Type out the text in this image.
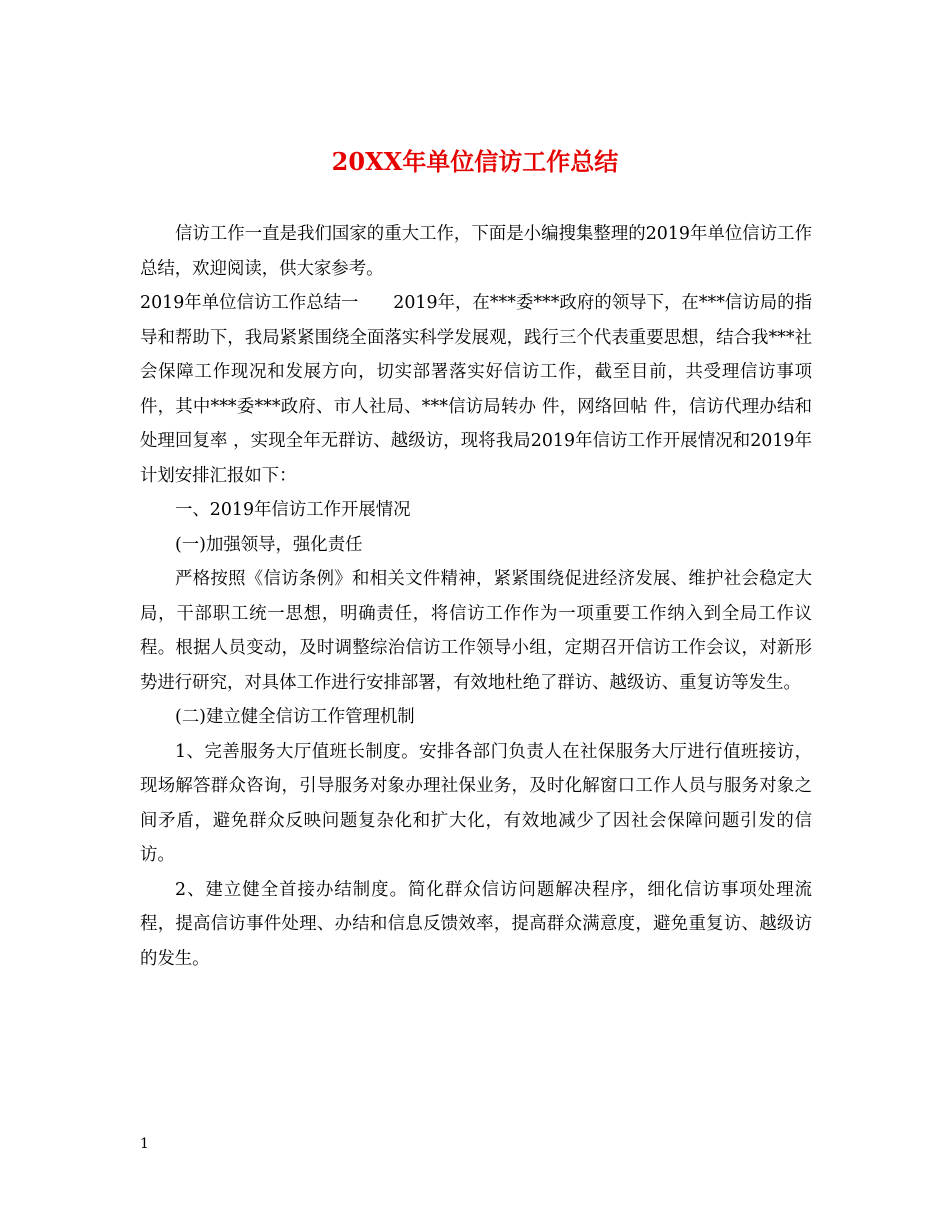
20XX年单位信访工作总结

信访工作一直是我们国家的重大工作，下面是小编搜集整理的2019年单位信访工作总结，欢迎阅读，供大家参考。

2019年单位信访工作总结一　　2019年，在***委***政府的领导下，在***信访局的指导和帮助下，我局紧紧围绕全面落实科学发展观，践行三个代表重要思想，结合我***社会保障工作现况和发展方向，切实部署落实好信访工作，截至目前，共受理信访事项 件，其中***委***政府、市人社局、***信访局转办 件，网络回帖 件，信访代理办结和处理回复率 ，实现全年无群访、越级访，现将我局2019年信访工作开展情况和2019年计划安排汇报如下：

一、2019年信访工作开展情况

(一)加强领导，强化责任

严格按照《信访条例》和相关文件精神，紧紧围绕促进经济发展、维护社会稳定大局，干部职工统一思想，明确责任，将信访工作作为一项重要工作纳入到全局工作议程。根据人员变动，及时调整综治信访工作领导小组，定期召开信访工作会议，对新形势进行研究，对具体工作进行安排部署，有效地杜绝了群访、越级访、重复访等发生。

(二)建立健全信访工作管理机制

1、完善服务大厅值班长制度。安排各部门负责人在社保服务大厅进行值班接访，现场解答群众咨询，引导服务对象办理社保业务，及时化解窗口工作人员与服务对象之间矛盾，避免群众反映问题复杂化和扩大化，有效地减少了因社会保障问题引发的信访。

2、建立健全首接办结制度。简化群众信访问题解决程序，细化信访事项处理流程，提高信访事件处理、办结和信息反馈效率，提高群众满意度，避免重复访、越级访的发生。

1
